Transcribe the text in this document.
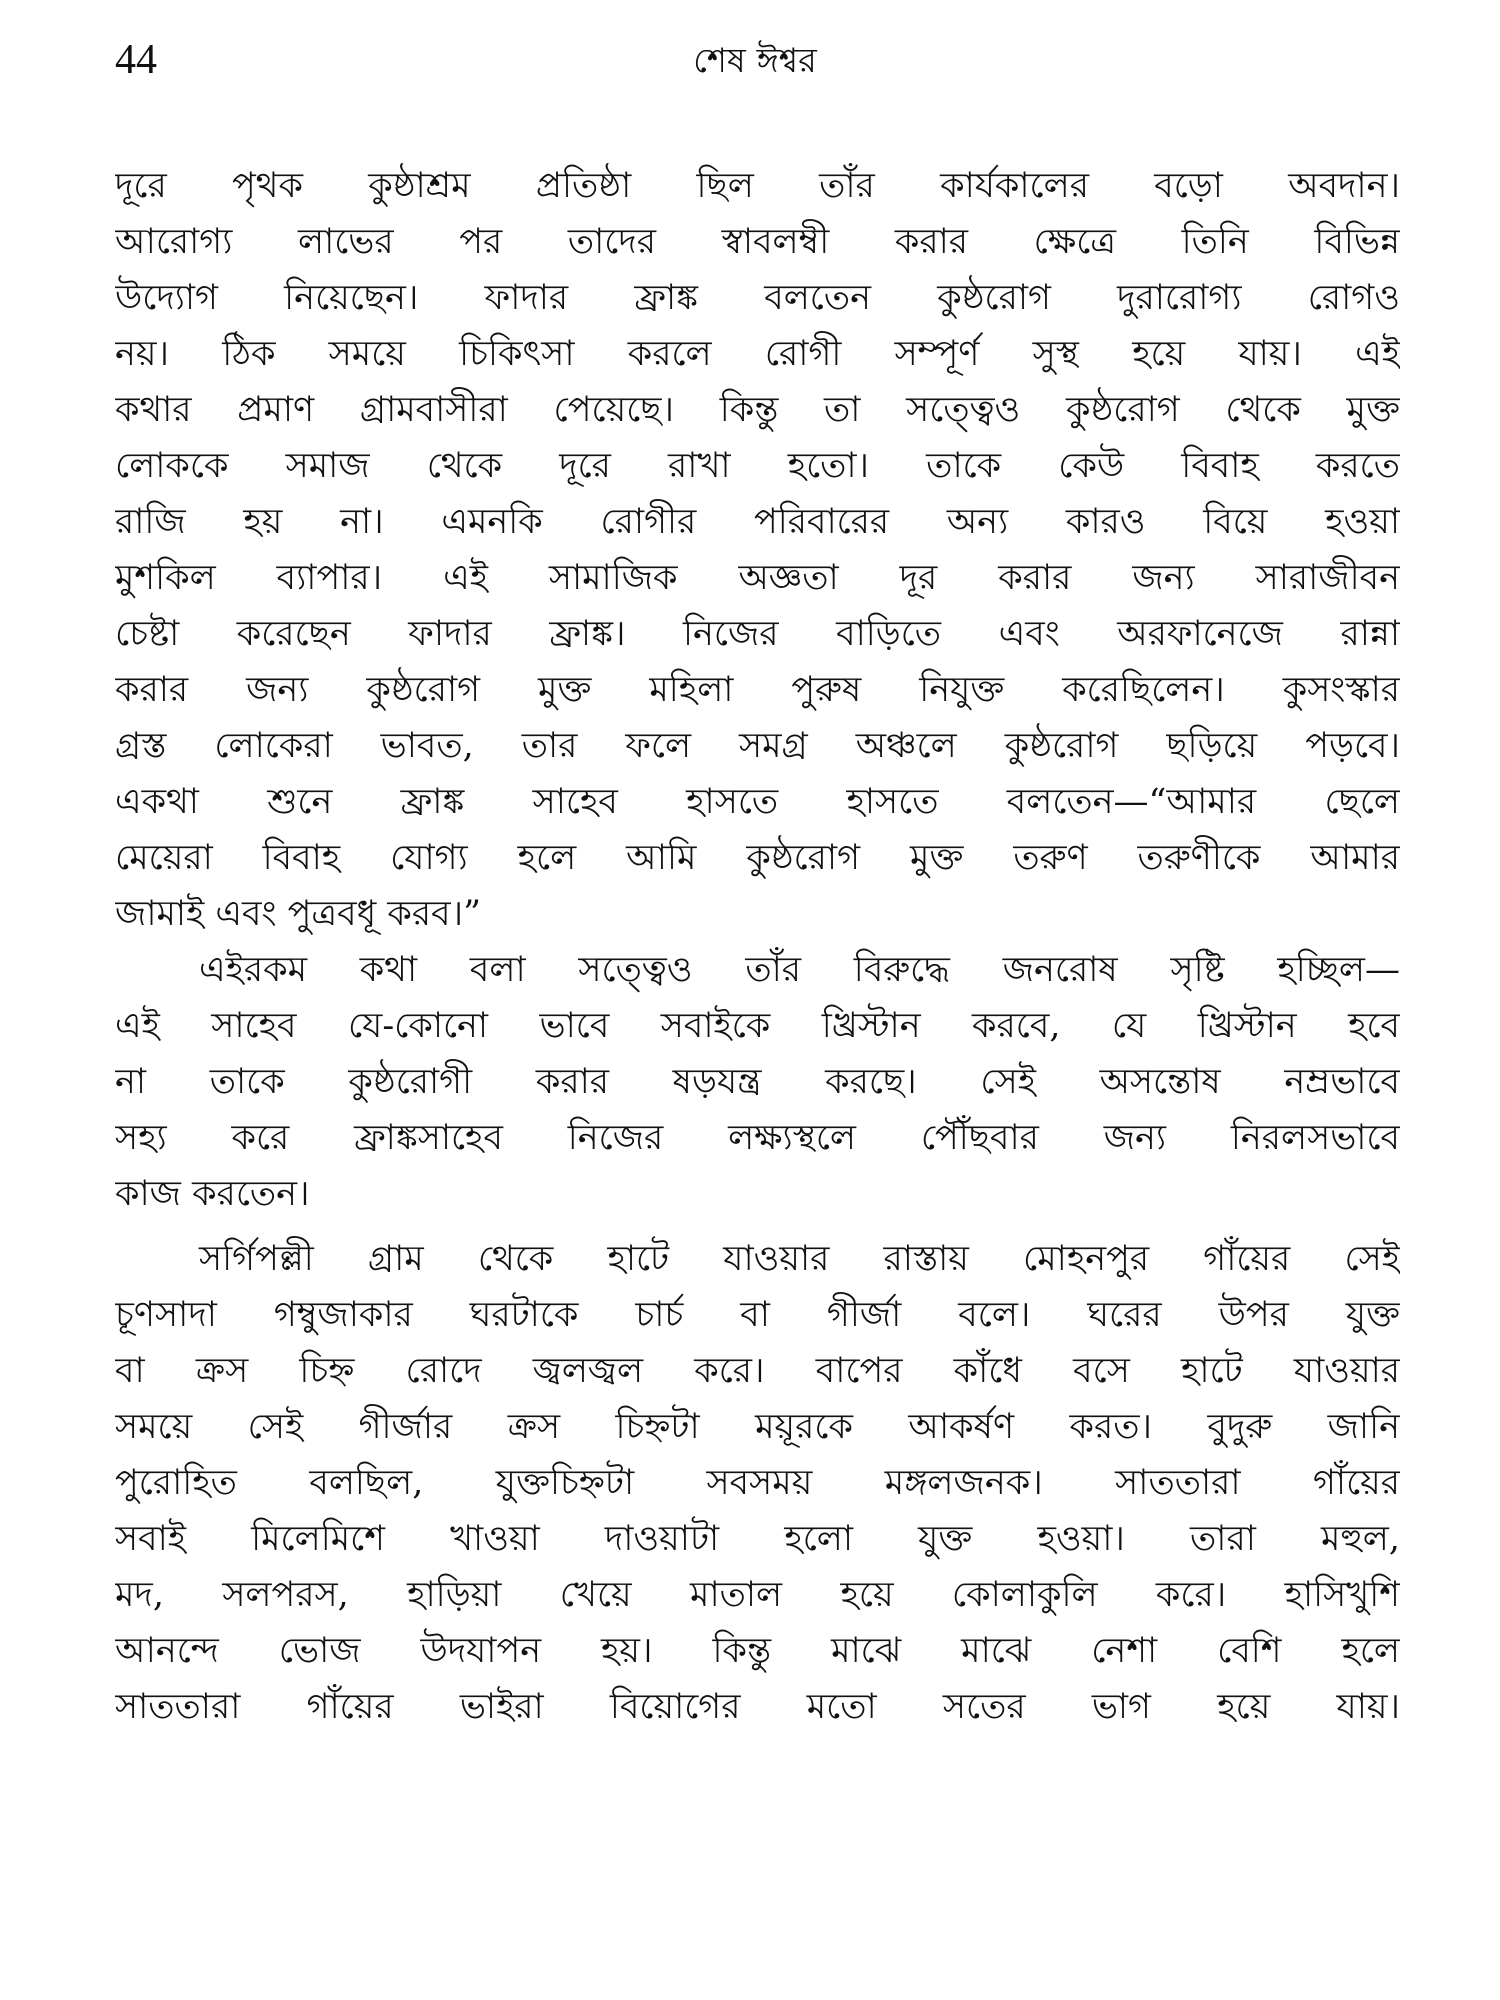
44	শেষ ঈশ্বর
দূরে পৃথক কুষ্ঠাশ্রম প্রতিষ্ঠা ছিল তাঁর কার্যকালের বড়ো অবদান।
আরোগ্য লাভের পর তাদের স্বাবলম্বী করার ক্ষেত্রে তিনি বিভিন্ন
উদ্যোগ নিয়েছেন। ফাদার ফ্রাঙ্ক বলতেন কুষ্ঠরোগ দুরারোগ্য রোগও
নয়। ঠিক সময়ে চিকিৎসা করলে রোগী সম্পূর্ণ সুস্থ হয়ে যায়। এই
কথার প্রমাণ গ্রামবাসীরা পেয়েছে। কিন্তু তা সত্ত্বেও কুষ্ঠরোগ থেকে মুক্ত
লোককে সমাজ থেকে দূরে রাখা হতো। তাকে কেউ বিবাহ করতে
রাজি হয় না। এমনকি রোগীর পরিবারের অন্য কারও বিয়ে হওয়া
মুশকিল ব্যাপার। এই সামাজিক অজ্ঞতা দূর করার জন্য সারাজীবন
চেষ্টা করেছেন ফাদার ফ্রাঙ্ক। নিজের বাড়িতে এবং অরফানেজে রান্না
করার জন্য কুষ্ঠরোগ মুক্ত মহিলা পুরুষ নিযুক্ত করেছিলেন। কুসংস্কার
গ্রস্ত লোকেরা ভাবত, তার ফলে সমগ্র অঞ্চলে কুষ্ঠরোগ ছড়িয়ে পড়বে।
একথা শুনে ফ্রাঙ্ক সাহেব হাসতে হাসতে বলতেন—“আমার ছেলে
মেয়েরা বিবাহ যোগ্য হলে আমি কুষ্ঠরোগ মুক্ত তরুণ তরুণীকে আমার
জামাই এবং পুত্রবধূ করব।”
এইরকম কথা বলা সত্ত্বেও তাঁর বিরুদ্ধে জনরোষ সৃষ্টি হচ্ছিল—
এই সাহেব যে-কোনো ভাবে সবাইকে খ্রিস্টান করবে, যে খ্রিস্টান হবে
না তাকে কুষ্ঠরোগী করার ষড়যন্ত্র করছে। সেই অসন্তোষ নম্রভাবে
সহ্য করে ফ্রাঙ্কসাহেব নিজের লক্ষ্যস্থলে পৌঁছবার জন্য নিরলসভাবে
কাজ করতেন।
সর্গিপল্লী গ্রাম থেকে হাটে যাওয়ার রাস্তায় মোহনপুর গাঁয়ের সেই
চূণসাদা গম্বুজাকার ঘরটাকে চার্চ বা গীর্জা বলে। ঘরের উপর যুক্ত
বা ক্রস চিহ্ন রোদে জ্বলজ্বল করে। বাপের কাঁধে বসে হাটে যাওয়ার
সময়ে সেই গীর্জার ক্রস চিহ্নটা ময়ূরকে আকর্ষণ করত। বুদুরু জানি
পুরোহিত বলছিল, যুক্তচিহ্নটা সবসময় মঙ্গলজনক। সাততারা গাঁয়ের
সবাই মিলেমিশে খাওয়া দাওয়াটা হলো যুক্ত হওয়া। তারা মহুল,
মদ, সলপরস, হাড়িয়া খেয়ে মাতাল হয়ে কোলাকুলি করে। হাসিখুশি
আনন্দে ভোজ উদযাপন হয়। কিন্তু মাঝে মাঝে নেশা বেশি হলে
সাততারা গাঁয়ের ভাইরা বিয়োগের মতো সতের ভাগ হয়ে যায়।
